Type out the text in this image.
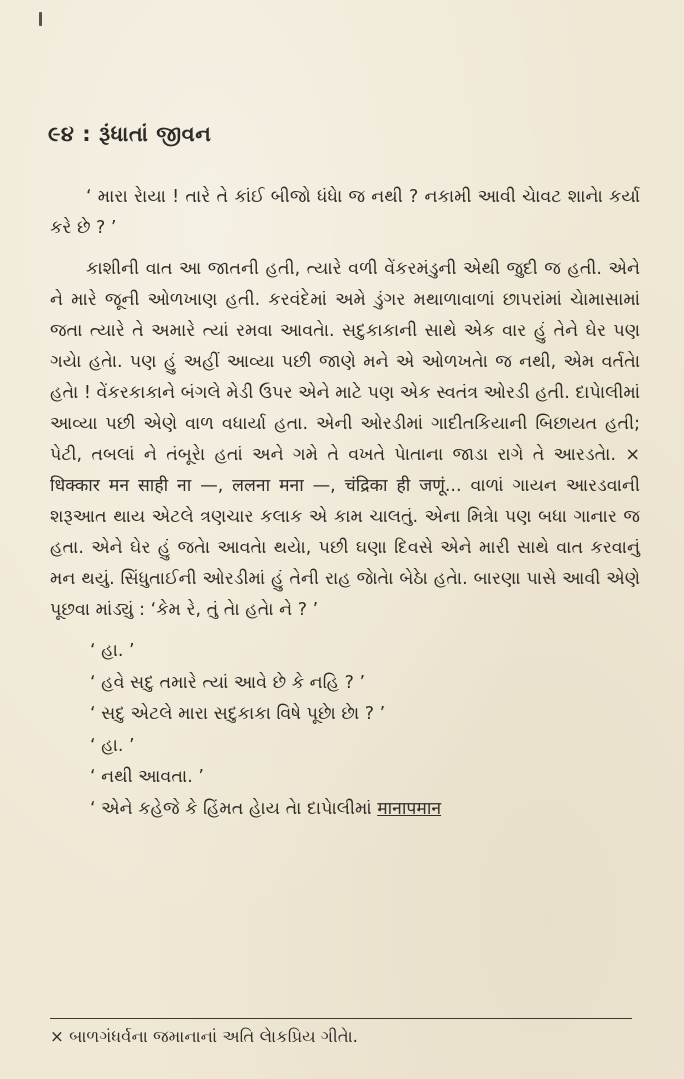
૯૪ : રૂંધાતાં જીવન

‘ મારા રાેયા ! તારે તે કાંઈ બીજો ધંધાે જ નથી ? નકામી આવી ચાેવટ શાનાે કર્યા કરે છે ? ’

કાશીની વાત આ જાતની હતી, ત્યારે વળી વેંકરમંડુની એથી જુદી જ હતી. એને ને મારે જૂની ઓળખાણ હતી. કરવંદેમાં અમે ડુંગર મથાળાવાળાં છાપરાંમાં ચાેમાસામાં જતા ત્યારે તે અમારે ત્યાં રમવા આવતાે. સદુકાકાની સાથે એક વાર હું તેને ઘેર પણ ગયાે હતાે. પણ હું અહીં આવ્યા પછી જાણે મને એ ઓળખતાે જ નથી, એમ વર્તતાે હતાે ! વેંકરકાકાને બંગલે મેડી ઉપર એને માટે પણ એક સ્વતંત્ર ઓરડી હતી. દાપાેલીમાં આવ્યા પછી એણે વાળ વધાર્યા હતા. એની ઓરડીમાં ગાદીતકિયાની બિછાયત હતી; પેટી, તબલાં ને તંબૂરાે હતાં અને ગમે તે વખતે પાેતાના જાડા રાગે તે આરડતાે. × धिक्कार मन साही ना —, ललना मना —, चंद्रिका ही जणूं... વાળાં ગાયન આરડવાની શરૂઆત થાય એટલે ત્રણચાર કલાક એ કામ ચાલતું. એના મિત્રાે પણ બધા ગાનાર જ હતા. એને ઘેર હું જતાે આવતાે થયાે, પછી ઘણા દિવસે એને મારી સાથે વાત કરવાનું મન થયું. સિંધુતાઈની ઓરડીમાં હું તેની રાહ જાેતાે બેઠાે હતાે. બારણા પાસે આવી એણે પૂછવા માંડ્યું : ‘કેમ રે, તું તાે હતાે ને ? ’

‘ હા. ’

‘ હવે સદુ તમારે ત્યાં આવે છે કે નહિ ? ’

‘ સદુ એટલે મારા સદુકાકા વિષે પૂછાે છાે ? ’

‘ હા. ’

‘ નથી આવતા. ’

‘ એને કહેજે કે હિંમત હાેય તાે દાપાેલીમાં मानापमान

× બાળગંધર્વના જમાનાનાં અતિ લાેકપ્રિય ગીતાે.
